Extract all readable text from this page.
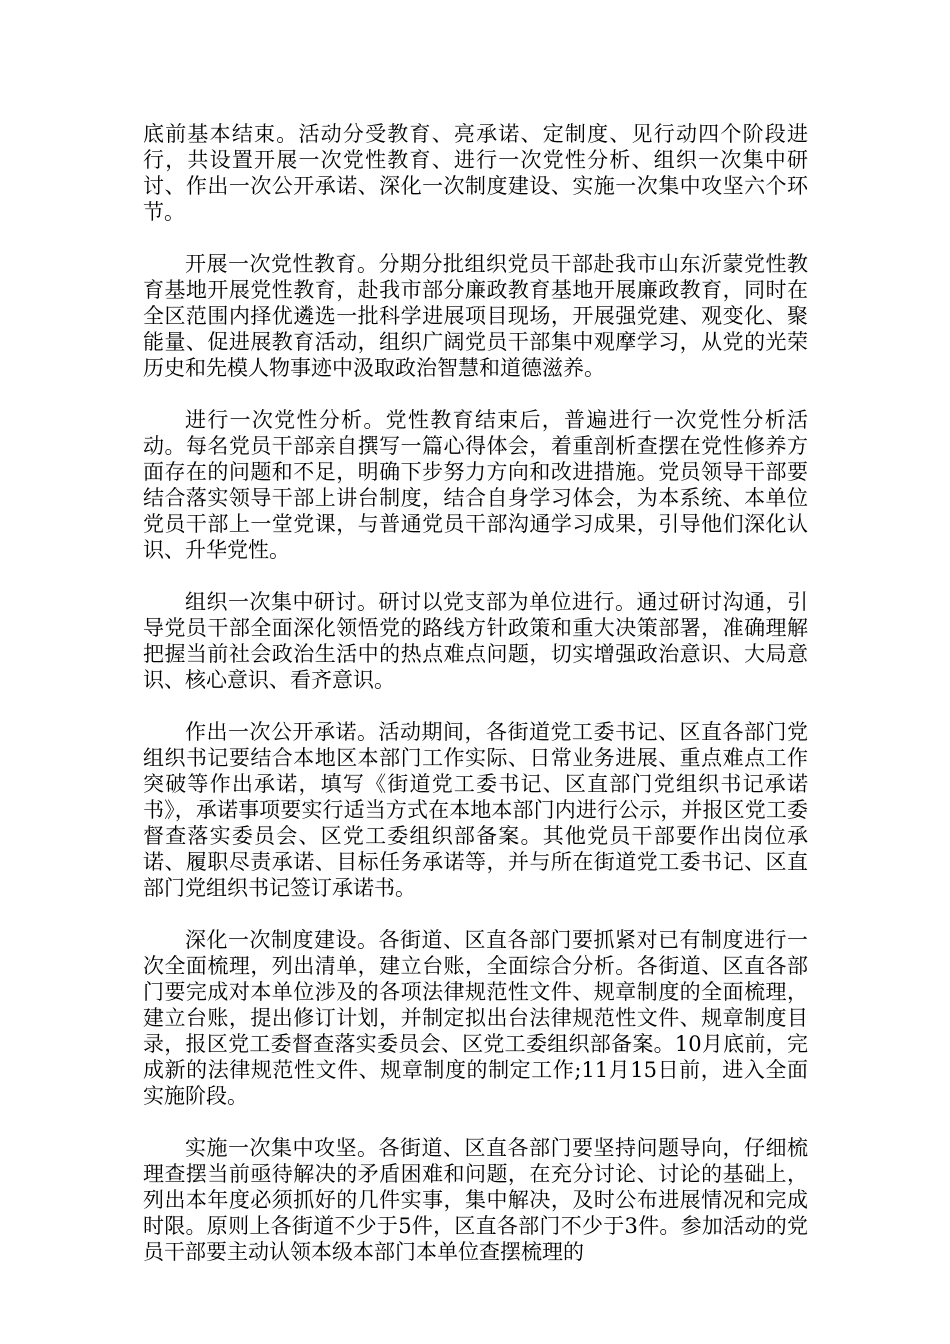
底前基本结束。活动分受教育、亮承诺、定制度、见行动四个阶段进行，共设置开展一次党性教育、进行一次党性分析、组织一次集中研讨、作出一次公开承诺、深化一次制度建设、实施一次集中攻坚六个环节。

开展一次党性教育。分期分批组织党员干部赴我市山东沂蒙党性教育基地开展党性教育，赴我市部分廉政教育基地开展廉政教育，同时在全区范围内择优遴选一批科学进展项目现场，开展强党建、观变化、聚能量、促进展教育活动，组织广阔党员干部集中观摩学习，从党的光荣历史和先模人物事迹中汲取政治智慧和道德滋养。

进行一次党性分析。党性教育结束后，普遍进行一次党性分析活动。每名党员干部亲自撰写一篇心得体会，着重剖析查摆在党性修养方面存在的问题和不足，明确下步努力方向和改进措施。党员领导干部要结合落实领导干部上讲台制度，结合自身学习体会，为本系统、本单位党员干部上一堂党课，与普通党员干部沟通学习成果，引导他们深化认识、升华党性。

组织一次集中研讨。研讨以党支部为单位进行。通过研讨沟通，引导党员干部全面深化领悟党的路线方针政策和重大决策部署，准确理解把握当前社会政治生活中的热点难点问题，切实增强政治意识、大局意识、核心意识、看齐意识。

作出一次公开承诺。活动期间，各街道党工委书记、区直各部门党组织书记要结合本地区本部门工作实际、日常业务进展、重点难点工作突破等作出承诺，填写《街道党工委书记、区直部门党组织书记承诺书》，承诺事项要实行适当方式在本地本部门内进行公示，并报区党工委督查落实委员会、区党工委组织部备案。其他党员干部要作出岗位承诺、履职尽责承诺、目标任务承诺等，并与所在街道党工委书记、区直部门党组织书记签订承诺书。

深化一次制度建设。各街道、区直各部门要抓紧对已有制度进行一次全面梳理，列出清单，建立台账，全面综合分析。各街道、区直各部门要完成对本单位涉及的各项法律规范性文件、规章制度的全面梳理，建立台账，提出修订计划，并制定拟出台法律规范性文件、规章制度目录，报区党工委督查落实委员会、区党工委组织部备案。10月底前，完成新的法律规范性文件、规章制度的制定工作;11月15日前，进入全面实施阶段。

实施一次集中攻坚。各街道、区直各部门要坚持问题导向，仔细梳理查摆当前亟待解决的矛盾困难和问题，在充分讨论、讨论的基础上，列出本年度必须抓好的几件实事，集中解决，及时公布进展情况和完成时限。原则上各街道不少于5件，区直各部门不少于3件。参加活动的党员干部要主动认领本级本部门本单位查摆梳理的
